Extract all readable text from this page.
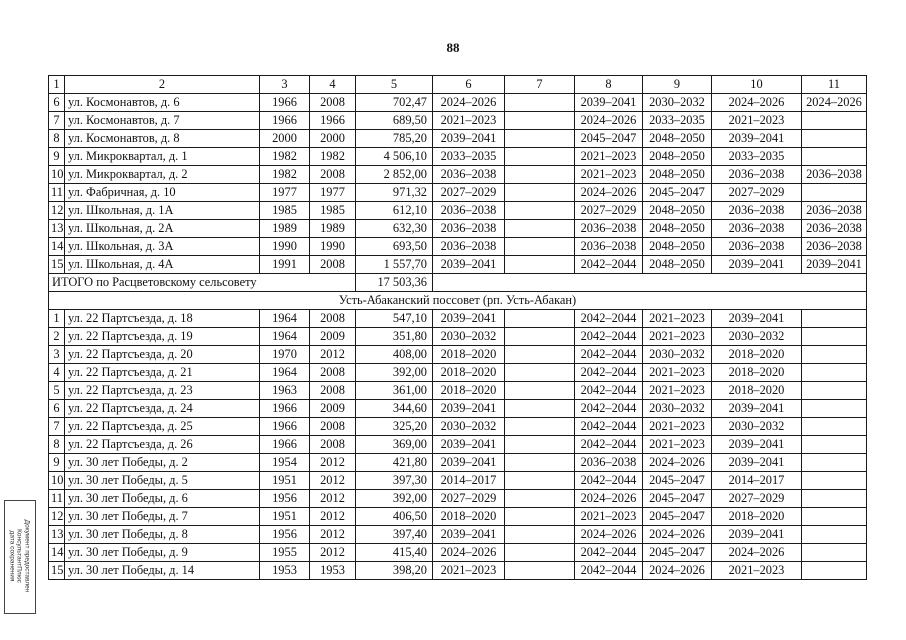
88
1	2	3	4	5	6	7	8	9	10	11
6	ул. Космонавтов, д. 6	1966	2008	702,47	2024–2026		2039–2041	2030–2032	2024–2026	2024–2026
7	ул. Космонавтов, д. 7	1966	1966	689,50	2021–2023		2024–2026	2033–2035	2021–2023	
8	ул. Космонавтов, д. 8	2000	2000	785,20	2039–2041		2045–2047	2048–2050	2039–2041	
9	ул. Микроквартал, д. 1	1982	1982	4 506,10	2033–2035		2021–2023	2048–2050	2033–2035	
10	ул. Микроквартал, д. 2	1982	2008	2 852,00	2036–2038		2021–2023	2048–2050	2036–2038	2036–2038
11	ул. Фабричная, д. 10	1977	1977	971,32	2027–2029		2024–2026	2045–2047	2027–2029	
12	ул. Школьная, д. 1А	1985	1985	612,10	2036–2038		2027–2029	2048–2050	2036–2038	2036–2038
13	ул. Школьная, д. 2А	1989	1989	632,30	2036–2038		2036–2038	2048–2050	2036–2038	2036–2038
14	ул. Школьная, д. 3А	1990	1990	693,50	2036–2038		2036–2038	2048–2050	2036–2038	2036–2038
15	ул. Школьная, д. 4А	1991	2008	1 557,70	2039–2041		2042–2044	2048–2050	2039–2041	2039–2041
ИТОГО по Расцветовскому сельсовету				17 503,36						
Усть-Абаканский поссовет (рп. Усть-Абакан)										
1	ул. 22 Партсъезда, д. 18	1964	2008	547,10	2039–2041		2042–2044	2021–2023	2039–2041	
2	ул. 22 Партсъезда, д. 19	1964	2009	351,80	2030–2032		2042–2044	2021–2023	2030–2032	
3	ул. 22 Партсъезда, д. 20	1970	2012	408,00	2018–2020		2042–2044	2030–2032	2018–2020	
4	ул. 22 Партсъезда, д. 21	1964	2008	392,00	2018–2020		2042–2044	2021–2023	2018–2020	
5	ул. 22 Партсъезда, д. 23	1963	2008	361,00	2018–2020		2042–2044	2021–2023	2018–2020	
6	ул. 22 Партсъезда, д. 24	1966	2009	344,60	2039–2041		2042–2044	2030–2032	2039–2041	
7	ул. 22 Партсъезда, д. 25	1966	2008	325,20	2030–2032		2042–2044	2021–2023	2030–2032	
8	ул. 22 Партсъезда, д. 26	1966	2008	369,00	2039–2041		2042–2044	2021–2023	2039–2041	
9	ул. 30 лет Победы, д. 2	1954	2012	421,80	2039–2041		2036–2038	2024–2026	2039–2041	
10	ул. 30 лет Победы, д. 5	1951	2012	397,30	2014–2017		2042–2044	2045–2047	2014–2017	
11	ул. 30 лет Победы, д. 6	1956	2012	392,00	2027–2029		2024–2026	2045–2047	2027–2029	
12	ул. 30 лет Победы, д. 7	1951	2012	406,50	2018–2020		2021–2023	2045–2047	2018–2020	
13	ул. 30 лет Победы, д. 8	1956	2012	397,40	2039–2041		2024–2026	2024–2026	2039–2041	
14	ул. 30 лет Победы, д. 9	1955	2012	415,40	2024–2026		2042–2044	2045–2047	2024–2026	
15	ул. 30 лет Победы, д. 14	1953	1953	398,20	2021–2023		2042–2044	2024–2026	2021–2023	
Документ предоставлен
КонсультантПлюс
дата сохранения
